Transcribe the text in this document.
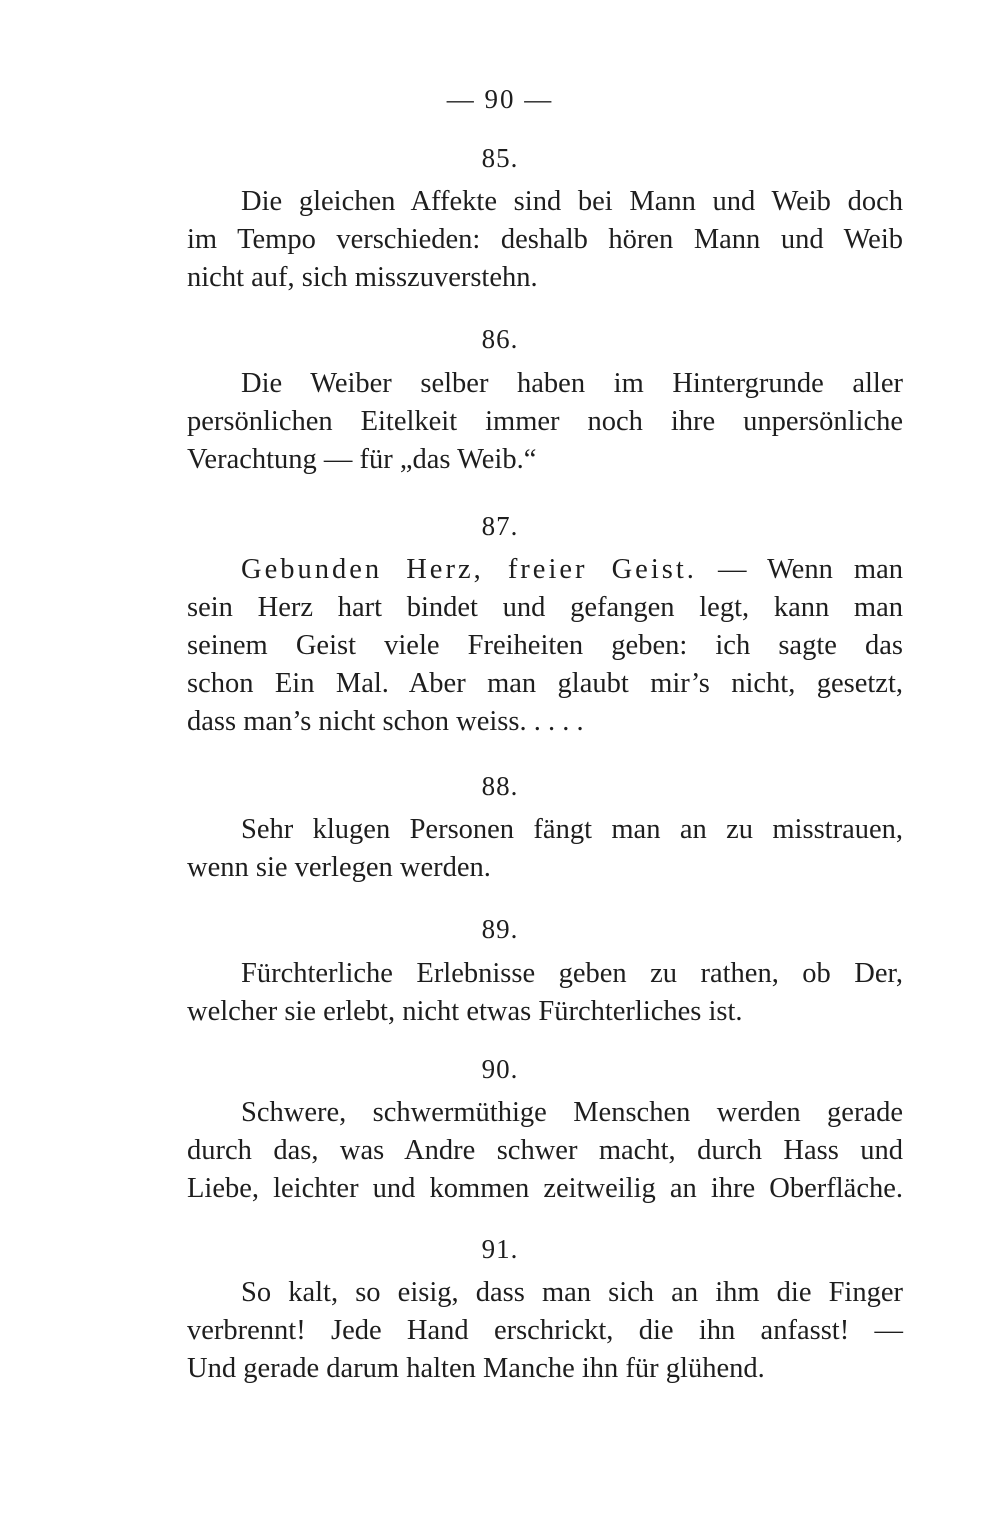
— 90 —
85.
Die gleichen Affekte sind bei Mann und Weib doch
im Tempo verschieden: deshalb hören Mann und Weib
nicht auf, sich misszuverstehn.
86.
Die Weiber selber haben im Hintergrunde aller
persönlichen Eitelkeit immer noch ihre unpersönliche
Verachtung — für „das Weib.“
87.
Gebunden Herz, freier Geist. — Wenn man
sein Herz hart bindet und gefangen legt, kann man
seinem Geist viele Freiheiten geben: ich sagte das
schon Ein Mal. Aber man glaubt mir’s nicht, gesetzt,
dass man’s nicht schon weiss. . . . .
88.
Sehr klugen Personen fängt man an zu misstrauen,
wenn sie verlegen werden.
89.
Fürchterliche Erlebnisse geben zu rathen, ob Der,
welcher sie erlebt, nicht etwas Fürchterliches ist.
90.
Schwere, schwermüthige Menschen werden gerade
durch das, was Andre schwer macht, durch Hass und
Liebe, leichter und kommen zeitweilig an ihre Oberfläche.
91.
So kalt, so eisig, dass man sich an ihm die Finger
verbrennt! Jede Hand erschrickt, die ihn anfasst! —
Und gerade darum halten Manche ihn für glühend.
